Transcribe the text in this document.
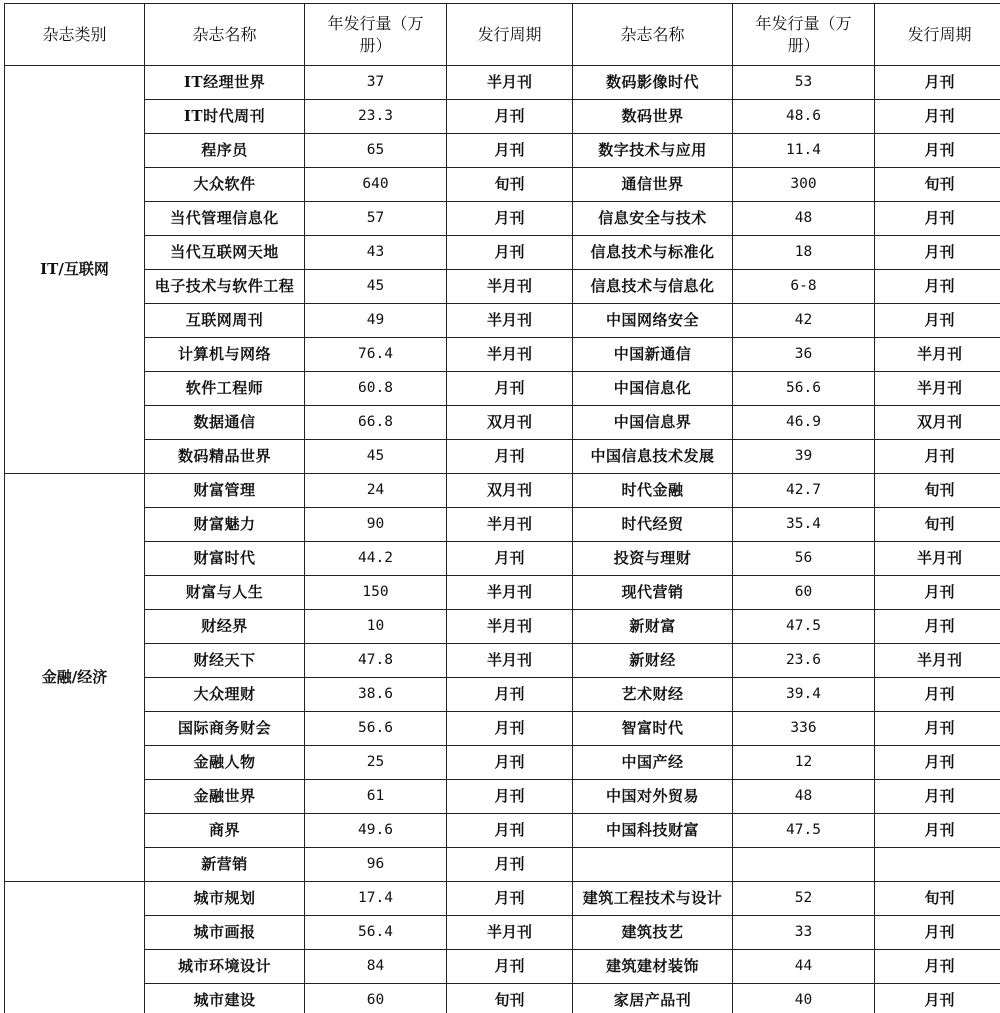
杂志类别	杂志名称	年发行量（万册）	发行周期	杂志名称	年发行量（万册）	发行周期
IT/互联网	IT经理世界	37	半月刊	数码影像时代	53	月刊
	IT时代周刊	23.3	月刊	数码世界	48.6	月刊
	程序员	65	月刊	数字技术与应用	11.4	月刊
	大众软件	640	旬刊	通信世界	300	旬刊
	当代管理信息化	57	月刊	信息安全与技术	48	月刊
	当代互联网天地	43	月刊	信息技术与标准化	18	月刊
	电子技术与软件工程	45	半月刊	信息技术与信息化	6-8	月刊
	互联网周刊	49	半月刊	中国网络安全	42	月刊
	计算机与网络	76.4	半月刊	中国新通信	36	半月刊
	软件工程师	60.8	月刊	中国信息化	56.6	半月刊
	数据通信	66.8	双月刊	中国信息界	46.9	双月刊
	数码精品世界	45	月刊	中国信息技术发展	39	月刊
金融/经济	财富管理	24	双月刊	时代金融	42.7	旬刊
	财富魅力	90	半月刊	时代经贸	35.4	旬刊
	财富时代	44.2	月刊	投资与理财	56	半月刊
	财富与人生	150	半月刊	现代营销	60	月刊
	财经界	10	半月刊	新财富	47.5	月刊
	财经天下	47.8	半月刊	新财经	23.6	半月刊
	大众理财	38.6	月刊	艺术财经	39.4	月刊
	国际商务财会	56.6	月刊	智富时代	336	月刊
	金融人物	25	月刊	中国产经	12	月刊
	金融世界	61	月刊	中国对外贸易	48	月刊
	商界	49.6	月刊	中国科技财富	47.5	月刊
	新营销	96	月刊			
	城市规划	17.4	月刊	建筑工程技术与设计	52	旬刊
	城市画报	56.4	半月刊	建筑技艺	33	月刊
	城市环境设计	84	月刊	建筑建材装饰	44	月刊
	城市建设	60	旬刊	家居产品刊	40	月刊
